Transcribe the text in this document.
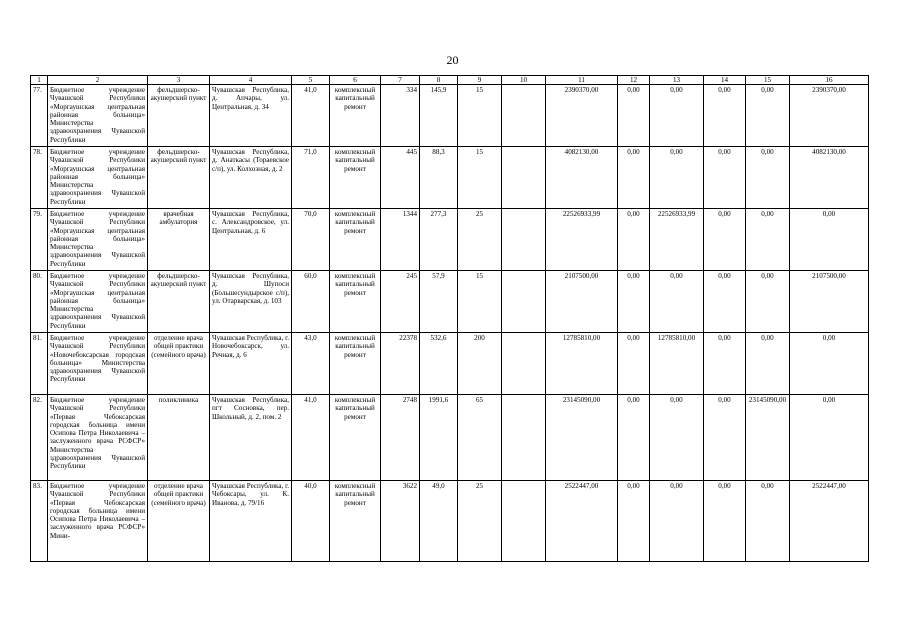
20
1	2	3	4	5	6	7	8	9	10	11	12	13	14	15	16
77.	Бюджетное учреждение Чувашской Республики «Моргаушская центральная районная больница» Министерства здравоохранения Чувашской Республики	фельдшерско-акушерский пункт	Чувашская Республика, д. Апчары, ул. Центральная, д. 34	41,0	комплексный капитальный ремонт	334	145,9	15		2390370,00	0,00	0,00	0,00	0,00	2390370,00
78.	Бюджетное учреждение Чувашской Республики «Моргаушская центральная районная больница» Министерства здравоохранения Чувашской Республики	фельдшерско-акушерский пункт	Чувашская Республика, д. Анаткасы (Тораевское с/п), ул. Колхозная, д. 2	71,0	комплексный капитальный ремонт	445	88,3	15		4082130,00	0,00	0,00	0,00	0,00	4082130,00
79.	Бюджетное учреждение Чувашской Республики «Моргаушская центральная районная больница» Министерства здравоохранения Чувашской Республики	врачебная амбулатория	Чувашская Республика, с. Александровское, ул. Центральная, д. 6	70,0	комплексный капитальный ремонт	1344	277,3	25		22526933,99	0,00	22526933,99	0,00	0,00	0,00
80.	Бюджетное учреждение Чувашской Республики «Моргаушская центральная районная больница» Министерства здравоохранения Чувашской Республики	фельдшерско-акушерский пункт	Чувашская Республика, д. Шупоси (Большесундырское с/п), ул. Отарварская, д. 103	60,0	комплексный капитальный ремонт	245	57,9	15		2107500,00	0,00	0,00	0,00	0,00	2107500,00
81.	Бюджетное учреждение Чувашской Республики «Новочебоксарская городская больница» Министерства здравоохранения Чувашской Республики	отделение врача общей практики (семейного врача)	Чувашская Республика, г. Новочебоксарск, ул. Речная, д. 6	43,0	комплексный капитальный ремонт	22378	532,6	200		12785810,00	0,00	12785810,00	0,00	0,00	0,00
82.	Бюджетное учреждение Чувашской Республики «Первая Чебоксарская городская больница имени Осипова Петра Николаевича – заслуженного врача РСФСР» Министерства здравоохранения Чувашской Республики	поликлиника	Чувашская Республика, пгт Сосновка, пер. Школьный, д. 2, пом. 2	41,0	комплексный капитальный ремонт	2748	1991,6	65		23145090,00	0,00	0,00	0,00	23145090,00	0,00
83.	Бюджетное учреждение Чувашской Республики «Первая Чебоксарская городская больница имени Осипова Петра Николаевича – заслуженного врача РСФСР» Мини-	отделение врача общей практики (семейного врача)	Чувашская Республика, г. Чебоксары, ул. К. Иванова, д. 79/16	40,0	комплексный капитальный ремонт	3622	49,0	25		2522447,00	0,00	0,00	0,00	0,00	2522447,00
